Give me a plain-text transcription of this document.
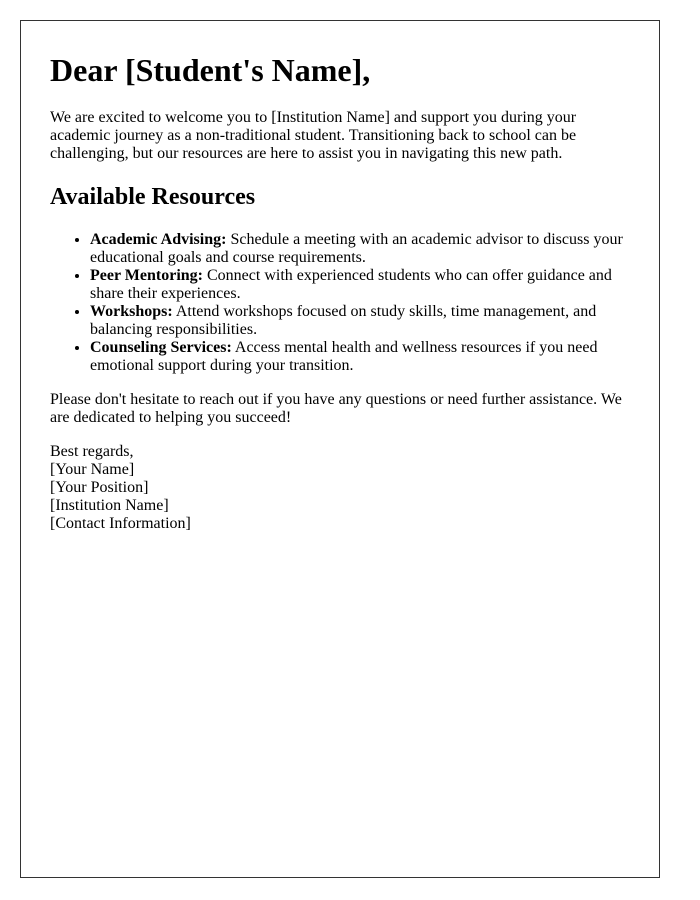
Dear [Student's Name],

We are excited to welcome you to [Institution Name] and support you during your academic journey as a non-traditional student. Transitioning back to school can be challenging, but our resources are here to assist you in navigating this new path.

Available Resources
• Academic Advising: Schedule a meeting with an academic advisor to discuss your educational goals and course requirements.
• Peer Mentoring: Connect with experienced students who can offer guidance and share their experiences.
• Workshops: Attend workshops focused on study skills, time management, and balancing responsibilities.
• Counseling Services: Access mental health and wellness resources if you need emotional support during your transition.

Please don't hesitate to reach out if you have any questions or need further assistance. We are dedicated to helping you succeed!

Best regards,
[Your Name]
[Your Position]
[Institution Name]
[Contact Information]
